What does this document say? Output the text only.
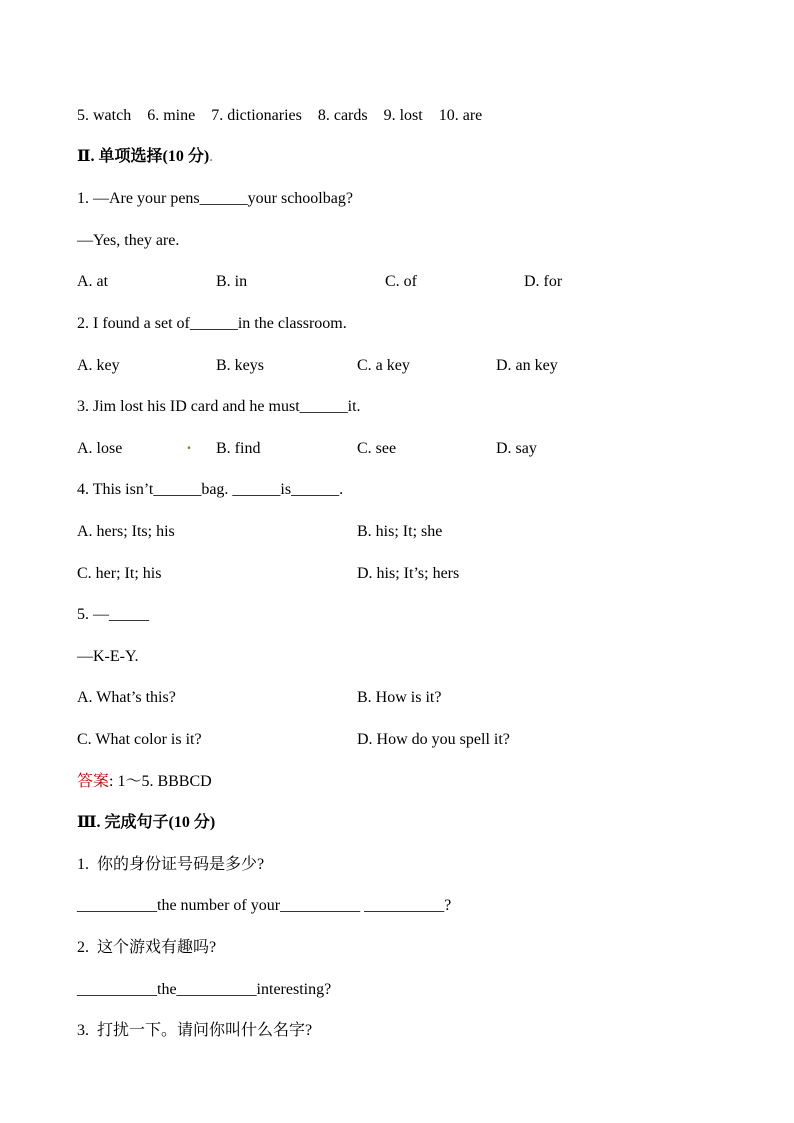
5. watch    6. mine    7. dictionaries    8. cards    9. lost    10. are
Ⅱ. 单项选择(10 分).
1. —Are your pens______your schoolbag?
—Yes, they are.
A. at	B. in	C. of	D. for
2. I found a set of______in the classroom.
A. key	B. keys	C. a key	D. an key
3. Jim lost his ID card and he must______it.
A. lose	. B. find	C. see	D. say
4. This isn’t______bag. ______is______.
A. hers; Its; his	B. his; It; she
C. her; It; his	D. his; It’s; hers
5. —_____
—K-E-Y.
A. What’s this?	B. How is it?
C. What color is it?	D. How do you spell it?
答案: 1～5. BBBCD
Ⅲ. 完成句子(10 分)
1.  你的身份证号码是多少?
__________the number of your__________ __________?
2.  这个游戏有趣吗?
__________the__________interesting?
3.  打扰一下。请问你叫什么名字?
